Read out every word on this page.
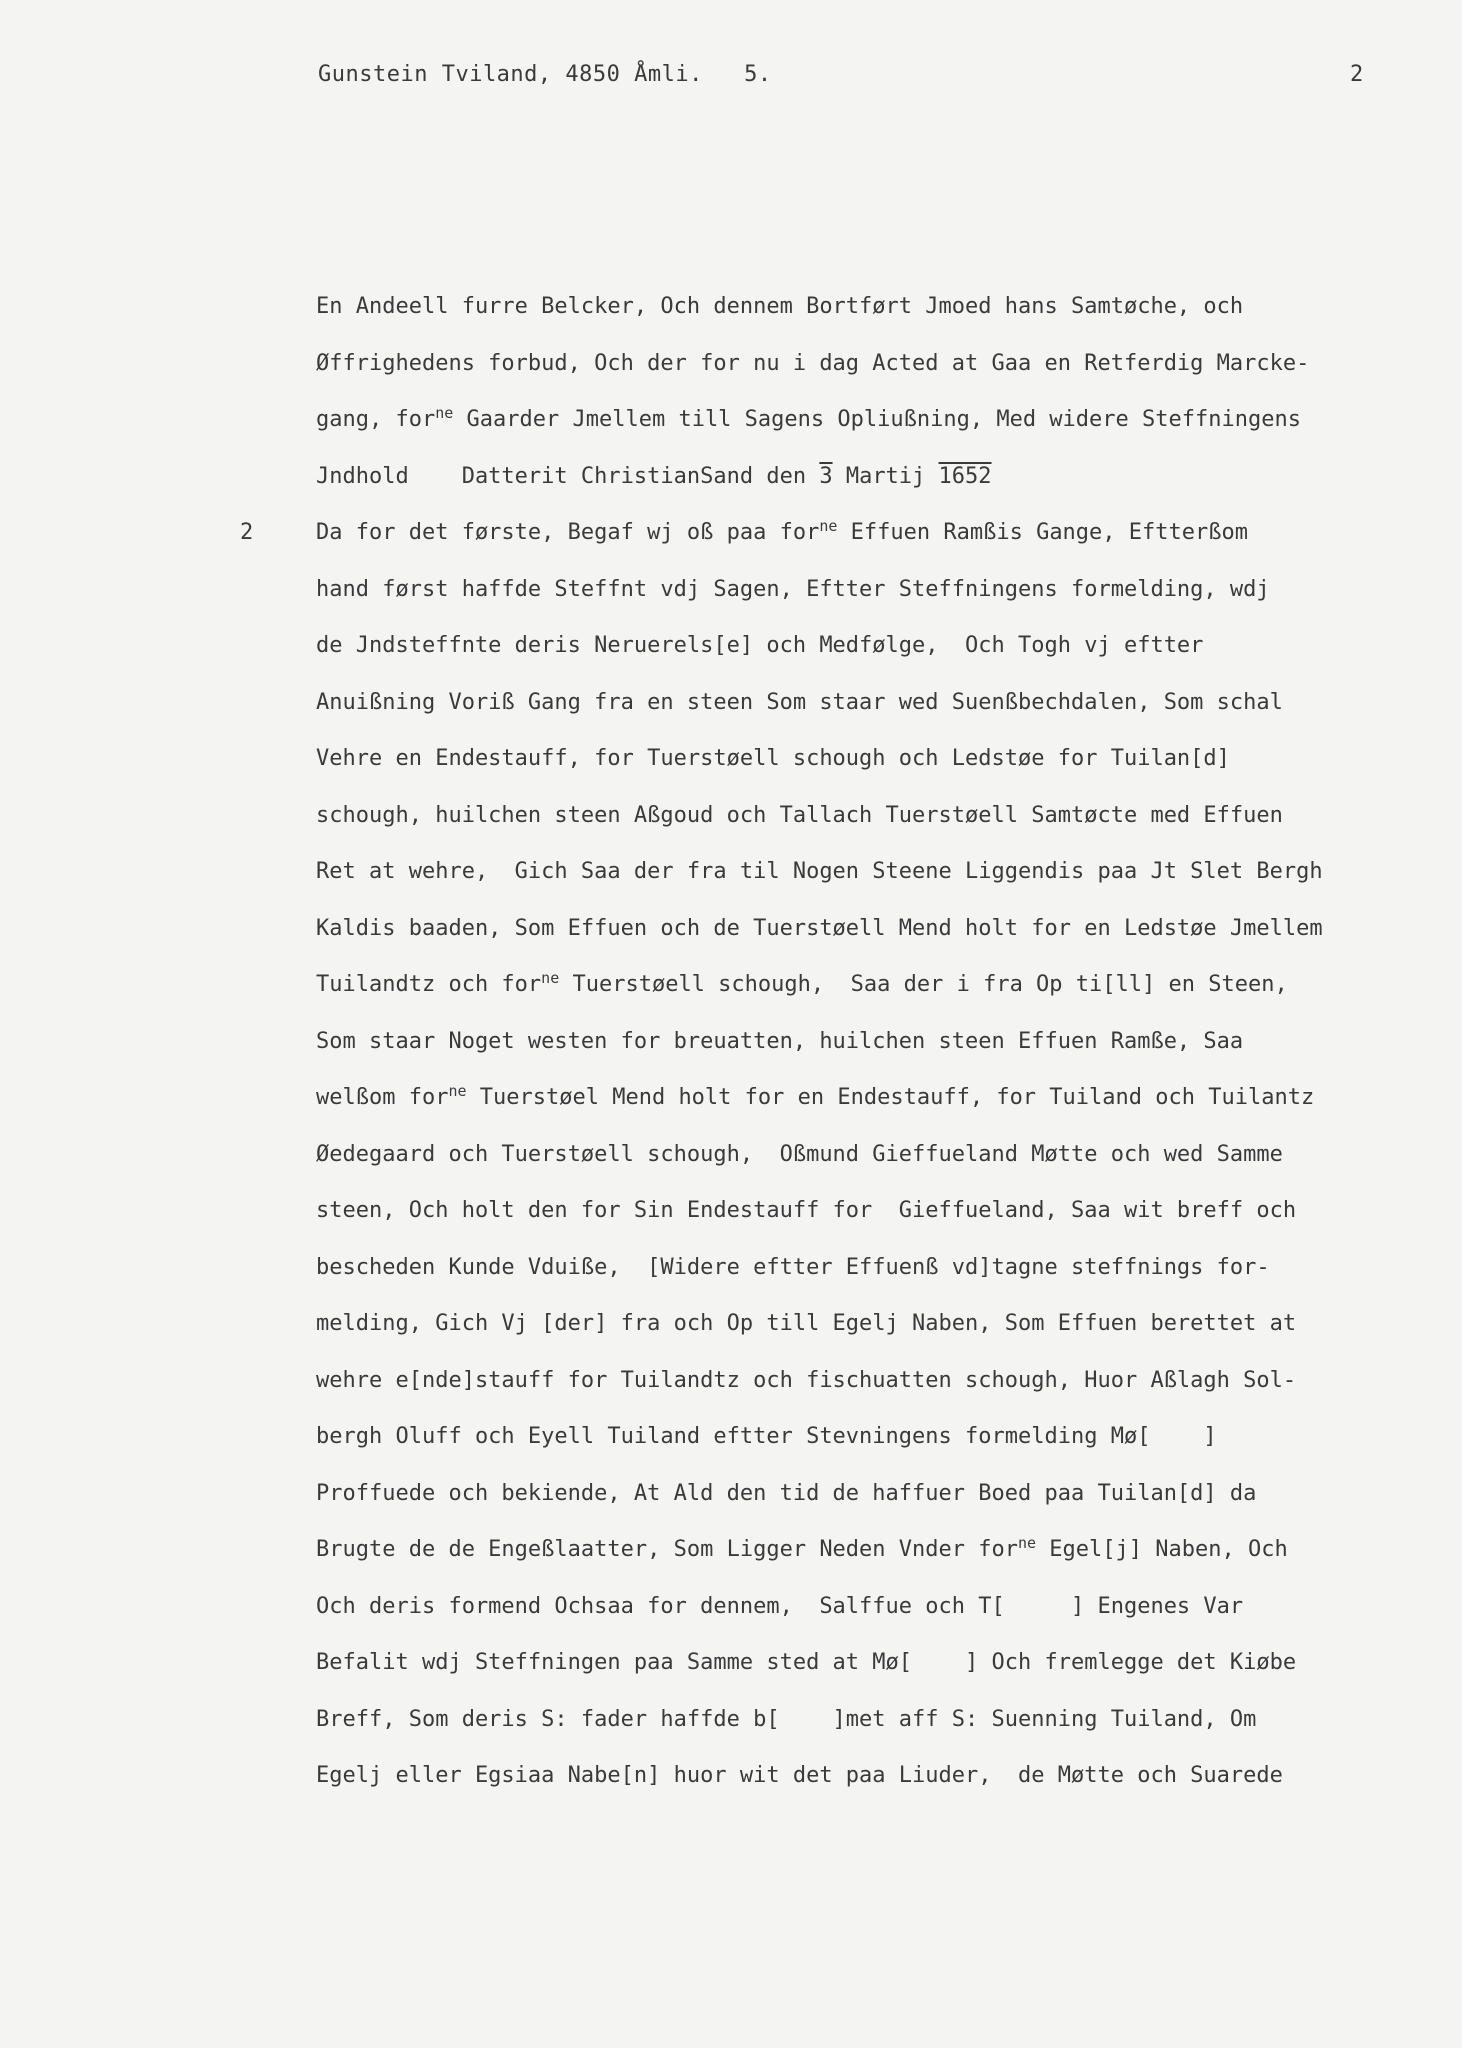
Gunstein Tviland, 4850 Åmli. 5.	2
En Andeell furre Belcker, Och dennem Bortført Jmoed hans Samtøche, och
Øffrighedens forbud, Och der for nu i dag Acted at Gaa en Retferdig Marcke-
gang, for$^{ne}$ Gaarder Jmellem till Sagens Opliußning, Med widere Steffningens
Jndhold    Datterit ChristianSand den 3 Martij 1652
2	Da for det første, Begaf wj oß paa for$^{ne}$ Effuen Ramßis Gange, Eftterßom
hand først haffde Steffnt vdj Sagen, Eftter Steffningens formelding, wdj
de Jndsteffnte deris Neruerels[e] och Medfølge,  Och Togh vj eftter
Anuißning Voriß Gang fra en steen Som staar wed Suenßbechdalen, Som schal
Vehre en Endestauff, for Tuerstøell schough och Ledstøe for Tuilan[d]
schough, huilchen steen Aßgoud och Tallach Tuerstøell Samtøcte med Effuen
Ret at wehre,  Gich Saa der fra til Nogen Steene Liggendis paa Jt Slet Bergh
Kaldis baaden, Som Effuen och de Tuerstøell Mend holt for en Ledstøe Jmellem
Tuilandtz och for$^{ne}$ Tuerstøell schough,  Saa der i fra Op ti[ll] en Steen,
Som staar Noget westen for breuatten, huilchen steen Effuen Ramße, Saa
welßom for$^{ne}$ Tuerstøel Mend holt for en Endestauff, for Tuiland och Tuilantz
Øedegaard och Tuerstøell schough,  Oßmund Gieffueland Møtte och wed Samme
steen, Och holt den for Sin Endestauff for  Gieffueland, Saa wit breff och
bescheden Kunde Vduiße,  [Widere eftter Effuenß vd]tagne steffnings for-
melding, Gich Vj [der] fra och Op till Egelj Naben, Som Effuen berettet at
wehre e[nde]stauff for Tuilandtz och fischuatten schough, Huor Aßlagh Sol-
bergh Oluff och Eyell Tuiland eftter Stevningens formelding Mø[    ]
Proffuede och bekiende, At Ald den tid de haffuer Boed paa Tuilan[d] da
Brugte de de Engeßlaatter, Som Ligger Neden Vnder for$^{ne}$ Egel[j] Naben, Och
Och deris formend Ochsaa for dennem,  Salffue och T[     ] Engenes Var
Befalit wdj Steffningen paa Samme sted at Mø[    ] Och fremlegge det Kiøbe
Breff, Som deris S: fader haffde b[    ]met aff S: Suenning Tuiland, Om
Egelj eller Egsiaa Nabe[n] huor wit det paa Liuder,  de Møtte och Suarede
